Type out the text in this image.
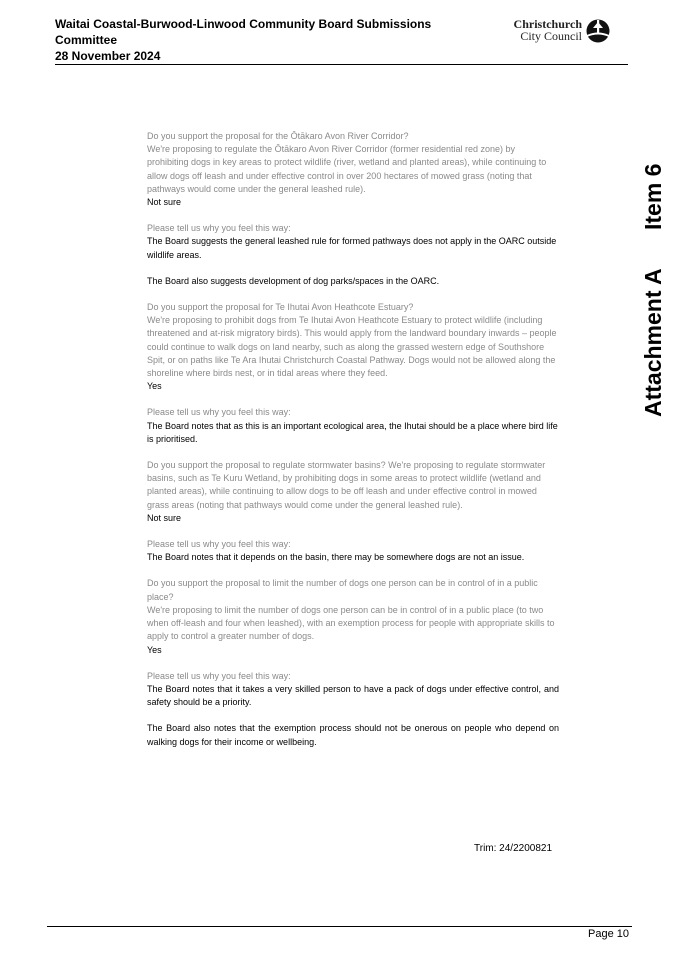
Waitai Coastal-Burwood-Linwood Community Board Submissions Committee
28 November 2024
Christchurch
City Council
Item 6
Attachment A

Do you support the proposal for the Ōtākaro Avon River Corridor?

We're proposing to regulate the Ōtākaro Avon River Corridor (former residential red zone) by prohibiting dogs in key areas to protect wildlife (river, wetland and planted areas), while continuing to allow dogs off leash and under effective control in over 200 hectares of mowed grass (noting that pathways would come under the general leashed rule).

Not sure

Please tell us why you feel this way:

The Board suggests the general leashed rule for formed pathways does not apply in the OARC outside wildlife areas.

The Board also suggests development of dog parks/spaces in the OARC.

Do you support the proposal for Te Ihutai Avon Heathcote Estuary?

We're proposing to prohibit dogs from Te Ihutai Avon Heathcote Estuary to protect wildlife (including threatened and at-risk migratory birds). This would apply from the landward boundary inwards – people could continue to walk dogs on land nearby, such as along the grassed western edge of Southshore Spit, or on paths like Te Ara Ihutai Christchurch Coastal Pathway. Dogs would not be allowed along the shoreline where birds nest, or in tidal areas where they feed.

Yes

Please tell us why you feel this way:

The Board notes that as this is an important ecological area, the Ihutai should be a place where bird life is prioritised.

Do you support the proposal to regulate stormwater basins? We're proposing to regulate stormwater basins, such as Te Kuru Wetland, by prohibiting dogs in some areas to protect wildlife (wetland and planted areas), while continuing to allow dogs to be off leash and under effective control in mowed grass areas (noting that pathways would come under the general leashed rule).

Not sure

Please tell us why you feel this way:

The Board notes that it depends on the basin, there may be somewhere dogs are not an issue.

Do you support the proposal to limit the number of dogs one person can be in control of in a public place?

We're proposing to limit the number of dogs one person can be in control of in a public place (to two when off-leash and four when leashed), with an exemption process for people with appropriate skills to apply to control a greater number of dogs.

Yes

Please tell us why you feel this way:

The Board notes that it takes a very skilled person to have a pack of dogs under effective control, and safety should be a priority.

The Board also notes that the exemption process should not be onerous on people who depend on walking dogs for their income or wellbeing.

Trim: 24/2200821
Page 10
